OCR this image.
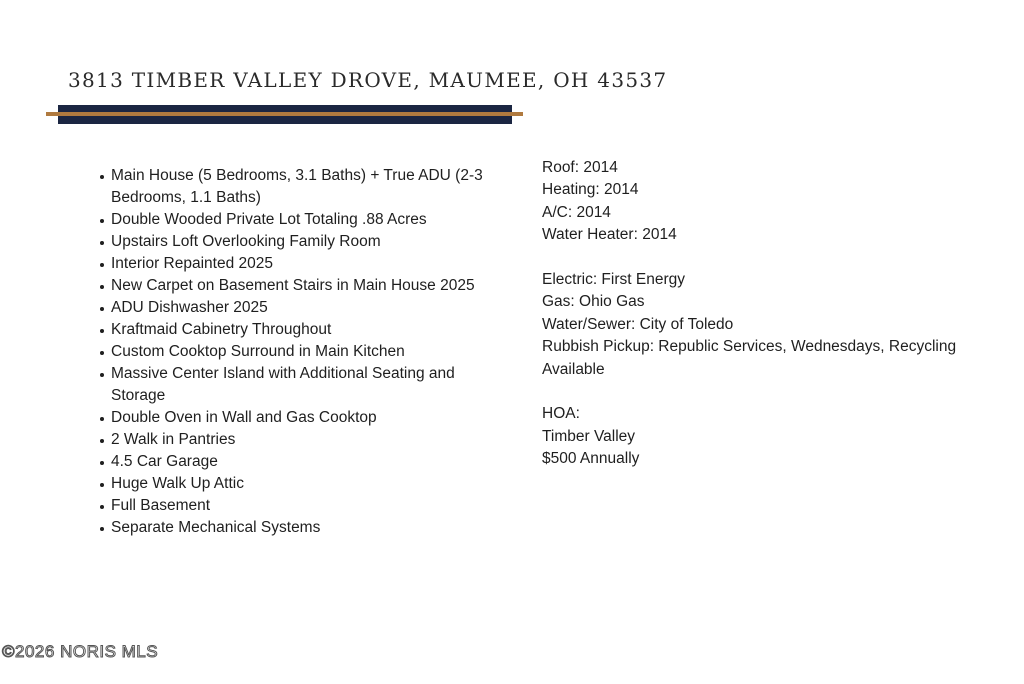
3813 TIMBER VALLEY DROVE, MAUMEE, OH 43537
Main House (5 Bedrooms, 3.1 Baths) + True ADU (2-3 Bedrooms, 1.1 Baths)
Double Wooded Private Lot Totaling .88 Acres
Upstairs Loft Overlooking Family Room
Interior Repainted 2025
New Carpet on Basement Stairs in Main House 2025
ADU Dishwasher 2025
Kraftmaid Cabinetry Throughout
Custom Cooktop Surround in Main Kitchen
Massive Center Island with Additional Seating and Storage
Double Oven in Wall and Gas Cooktop
2 Walk in Pantries
4.5 Car Garage
Huge Walk Up Attic
Full Basement
Separate Mechanical Systems
Roof: 2014
Heating: 2014
A/C: 2014
Water Heater: 2014
Electric: First Energy
Gas: Ohio Gas
Water/Sewer: City of Toledo
Rubbish Pickup: Republic Services, Wednesdays, Recycling Available
HOA:
Timber Valley
$500 Annually
©2026 NORIS MLS
